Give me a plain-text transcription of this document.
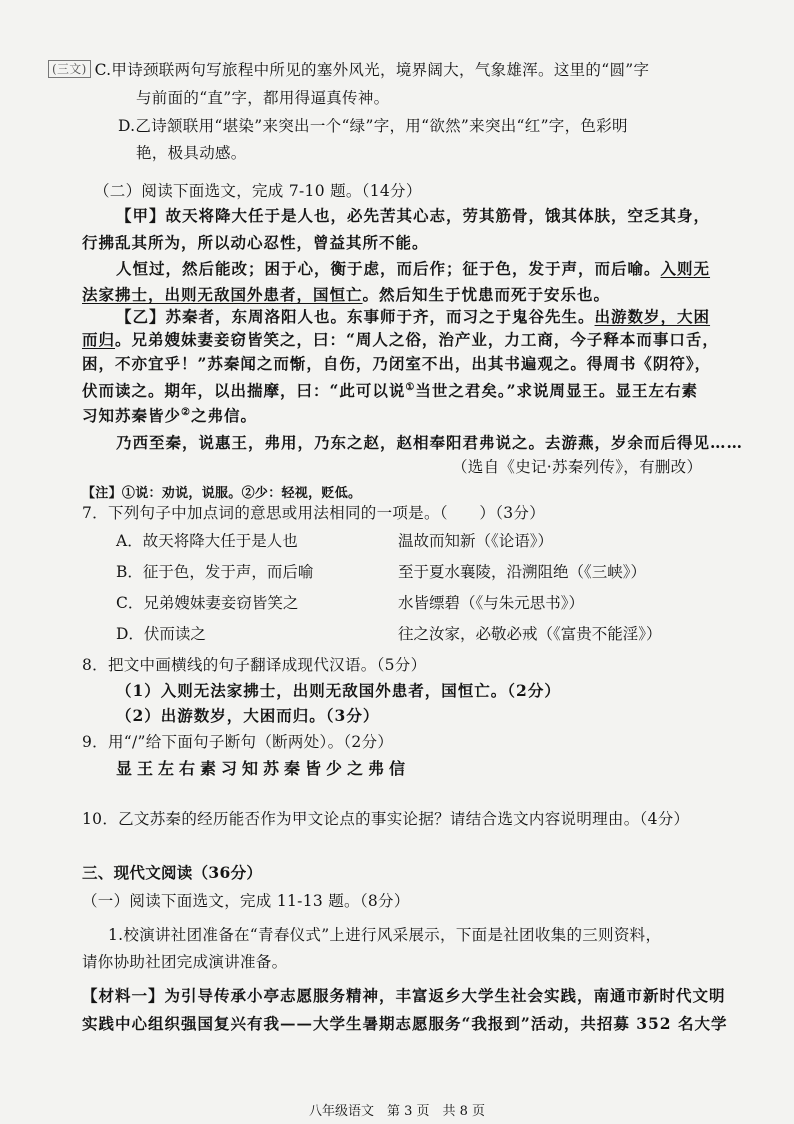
(三文) C.甲诗颈联两句写旅程中所见的塞外风光，境界阔大，气象雄浑。这里的“圆”字
与前面的“直”字，都用得逼真传神。
D.乙诗颔联用“堪染”来突出一个“绿”字，用“欲然”来突出“红”字，色彩明
艳，极具动感。
（二）阅读下面选文，完成 7-10 题。（14分）
【甲】故天将降大任于是人也，必先苦其心志，劳其筋骨，饿其体肤，空乏其身，
行拂乱其所为，所以动心忍性，曾益其所不能。
人恒过，然后能改；困于心，衡于虑，而后作；征于色，发于声，而后喻。入则无
法家拂士，出则无敌国外患者，国恒亡。然后知生于忧患而死于安乐也。
【乙】苏秦者，东周洛阳人也。东事师于齐，而习之于鬼谷先生。出游数岁，大困
而归。兄弟嫂妹妻妾窃皆笑之，曰：“周人之俗，治产业，力工商，今子释本而事口舌，
困，不亦宜乎！”苏秦闻之而惭，自伤，乃闭室不出，出其书遍观之。得周书《阴符》，
伏而读之。期年，以出揣摩，曰：“此可以说①当世之君矣。”求说周显王。显王左右素
习知苏秦皆少②之弗信。
乃西至秦，说惠王，弗用，乃东之赵，赵相奉阳君弗说之。去游燕，岁余而后得见……
（选自《史记·苏秦列传》，有删改）
【注】①说：劝说，说服。②少：轻视，贬低。
7．下列句子中加点词的意思或用法相同的一项是。（　　）（3分）
A．故天将降大任于是人也	温故而知新（《论语》）
B．征于色，发于声，而后喻	至于夏水襄陵，沿溯阻绝（《三峡》）
C．兄弟嫂妹妻妾窃皆笑之	水皆缥碧（《与朱元思书》）
D．伏而读之	往之汝家，必敬必戒（《富贵不能淫》）
8．把文中画横线的句子翻译成现代汉语。（5分）
（1）入则无法家拂士，出则无敌国外患者，国恒亡。（2分）
（2）出游数岁，大困而归。（3分）
9．用“/”给下面句子断句（断两处）。（2分）
显王左右素习知苏秦皆少之弗信
10．乙文苏秦的经历能否作为甲文论点的事实论据？请结合选文内容说明理由。（4分）
三、现代文阅读（36分）
（一）阅读下面选文，完成 11-13 题。（8分）
1.校演讲社团准备在“青春仪式”上进行风采展示，下面是社团收集的三则资料，
请你协助社团完成演讲准备。
【材料一】为引导传承小亭志愿服务精神，丰富返乡大学生社会实践，南通市新时代文明
实践中心组织强国复兴有我——大学生暑期志愿服务“我报到”活动，共招募 352 名大学
八年级语文　第 3 页　共 8 页
